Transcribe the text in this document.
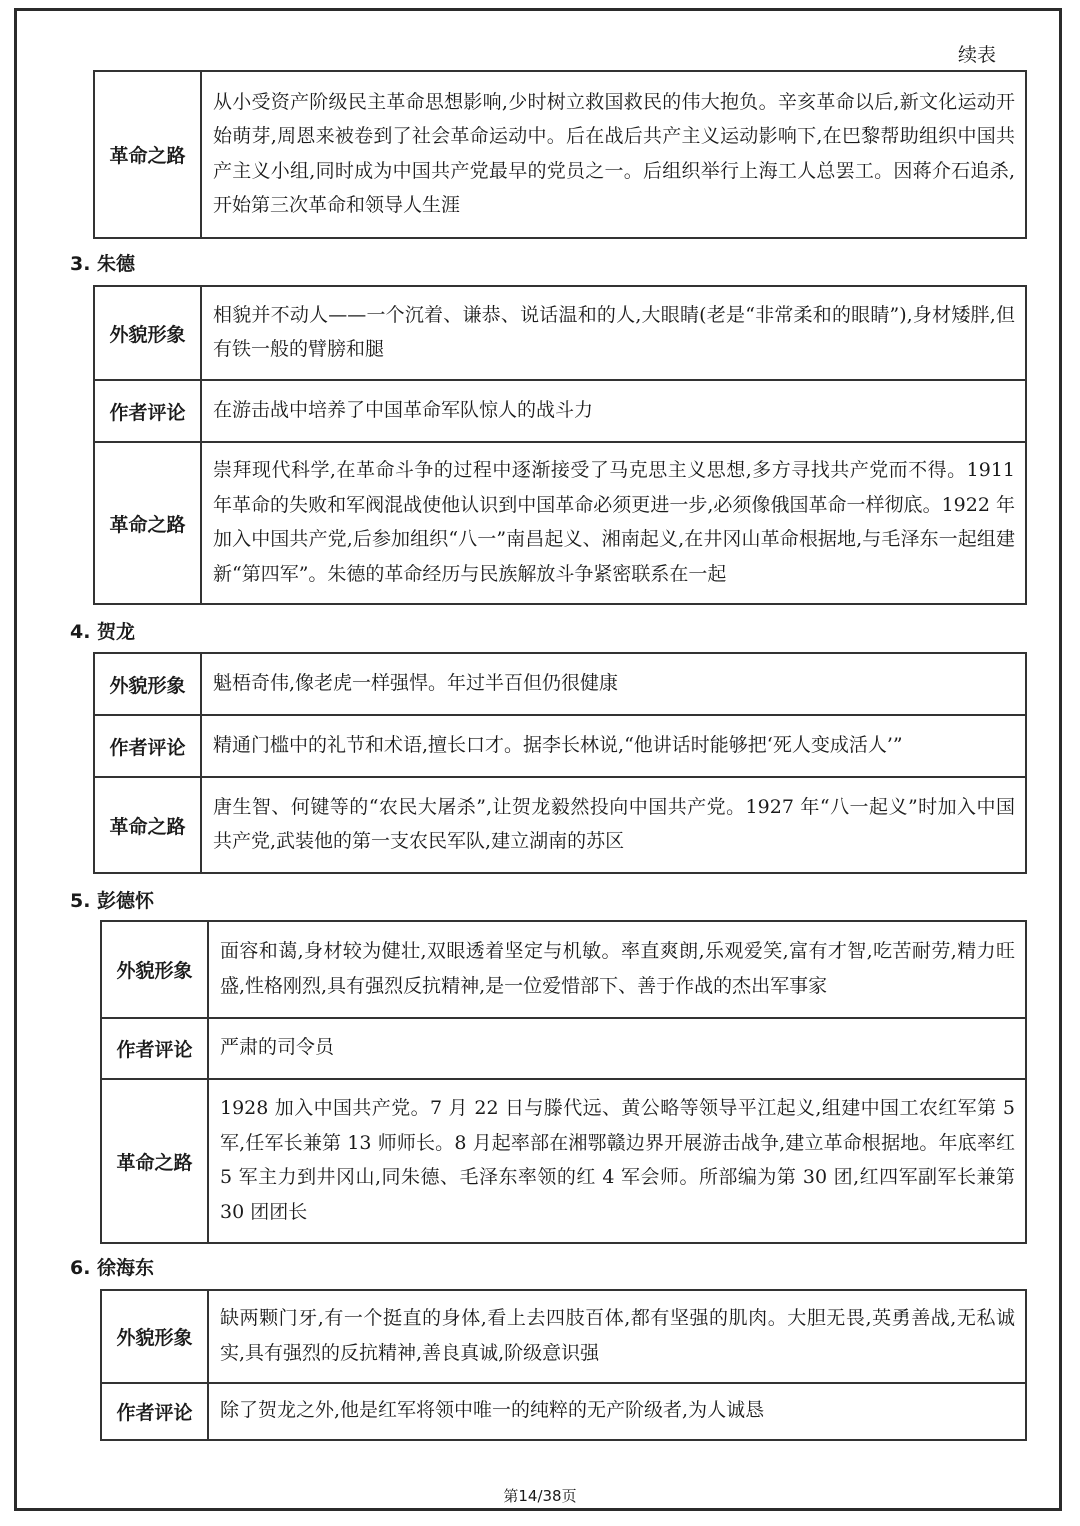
续表
革命之路	从小受资产阶级民主革命思想影响,少时树立救国救民的伟大抱负。辛亥革命以后,新文化运动开始萌芽,周恩来被卷到了社会革命运动中。后在战后共产主义运动影响下,在巴黎帮助组织中国共产主义小组,同时成为中国共产党最早的党员之一。后组织举行上海工人总罢工。因蒋介石追杀,开始第三次革命和领导人生涯
3. 朱德
外貌形象	相貌并不动人——一个沉着、谦恭、说话温和的人,大眼睛(老是“非常柔和的眼睛”),身材矮胖,但有铁一般的臂膀和腿
作者评论	在游击战中培养了中国革命军队惊人的战斗力
革命之路	崇拜现代科学,在革命斗争的过程中逐渐接受了马克思主义思想,多方寻找共产党而不得。1911 年革命的失败和军阀混战使他认识到中国革命必须更进一步,必须像俄国革命一样彻底。1922 年加入中国共产党,后参加组织“八一”南昌起义、湘南起义,在井冈山革命根据地,与毛泽东一起组建新“第四军”。朱德的革命经历与民族解放斗争紧密联系在一起
4. 贺龙
外貌形象	魁梧奇伟,像老虎一样强悍。年过半百但仍很健康
作者评论	精通门槛中的礼节和术语,擅长口才。据李长林说,“他讲话时能够把‘死人变成活人’”
革命之路	唐生智、何键等的“农民大屠杀”,让贺龙毅然投向中国共产党。1927 年“八一起义”时加入中国共产党,武装他的第一支农民军队,建立湖南的苏区
5. 彭德怀
外貌形象	面容和蔼,身材较为健壮,双眼透着坚定与机敏。率直爽朗,乐观爱笑,富有才智,吃苦耐劳,精力旺盛,性格刚烈,具有强烈反抗精神,是一位爱惜部下、善于作战的杰出军事家
作者评论	严肃的司令员
革命之路	1928 加入中国共产党。7 月 22 日与滕代远、黄公略等领导平江起义,组建中国工农红军第 5 军,任军长兼第 13 师师长。8 月起率部在湘鄂赣边界开展游击战争,建立革命根据地。年底率红 5 军主力到井冈山,同朱德、毛泽东率领的红 4 军会师。所部编为第 30 团,红四军副军长兼第 30 团团长
6. 徐海东
外貌形象	缺两颗门牙,有一个挺直的身体,看上去四肢百体,都有坚强的肌肉。大胆无畏,英勇善战,无私诚实,具有强烈的反抗精神,善良真诚,阶级意识强
作者评论	除了贺龙之外,他是红军将领中唯一的纯粹的无产阶级者,为人诚恳
第14/38页
